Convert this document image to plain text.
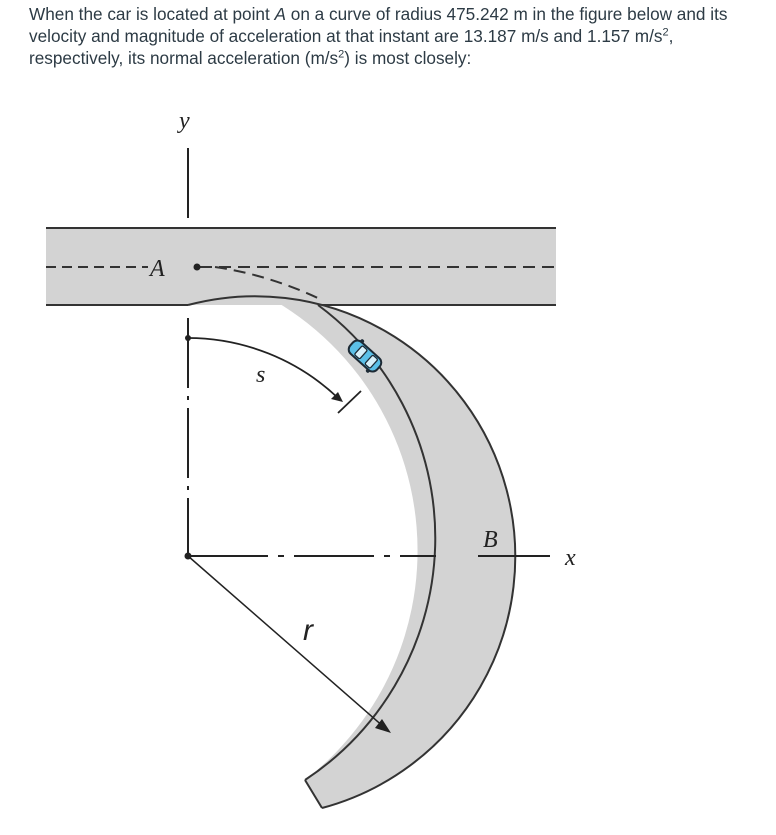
When the car is located at point A on a curve of radius 475.242 m in the figure below and its velocity and magnitude of acceleration at that instant are 13.187 m/s and 1.157 $m/s^2$, respectively, its normal acceleration $(m/s^2)$ is most closely:
y
x
A
B
s
r
